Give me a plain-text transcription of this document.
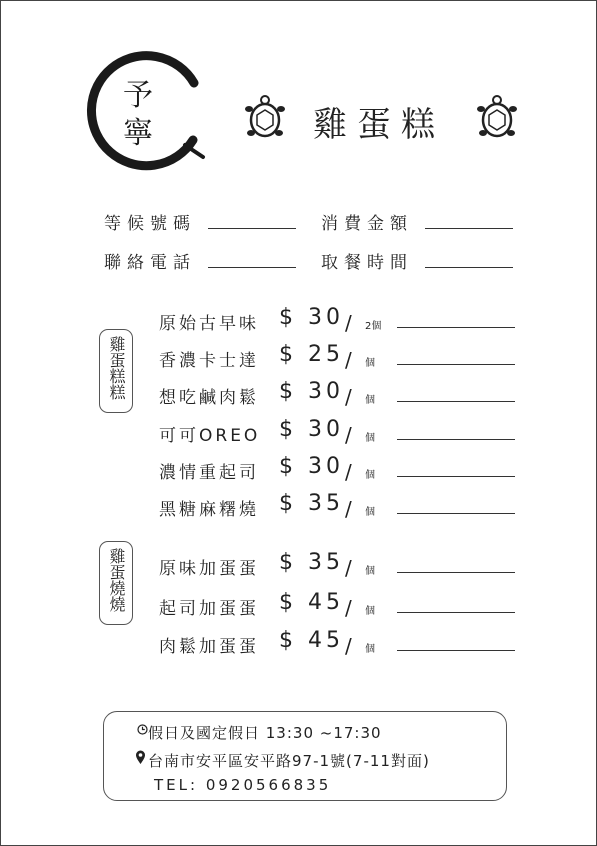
予
寧	雞蛋糕
等候號碼	消費金額
聯絡電話	取餐時間
雞蛋糕糕
雞蛋燒燒
原始古早味 $ 30 / 2個
香濃卡士達 $ 25 / 個
想吃鹹肉鬆 $ 30 / 個
可可OREO $ 30 / 個
濃情重起司 $ 30 / 個
黑糖麻糬燒 $ 35 / 個
原味加蛋蛋 $ 35 / 個
起司加蛋蛋 $ 45 / 個
肉鬆加蛋蛋 $ 45 / 個
假日及國定假日 13:30 ~17:30
台南市安平區安平路97-1號(7-11對面)
TEL: 0920566835
